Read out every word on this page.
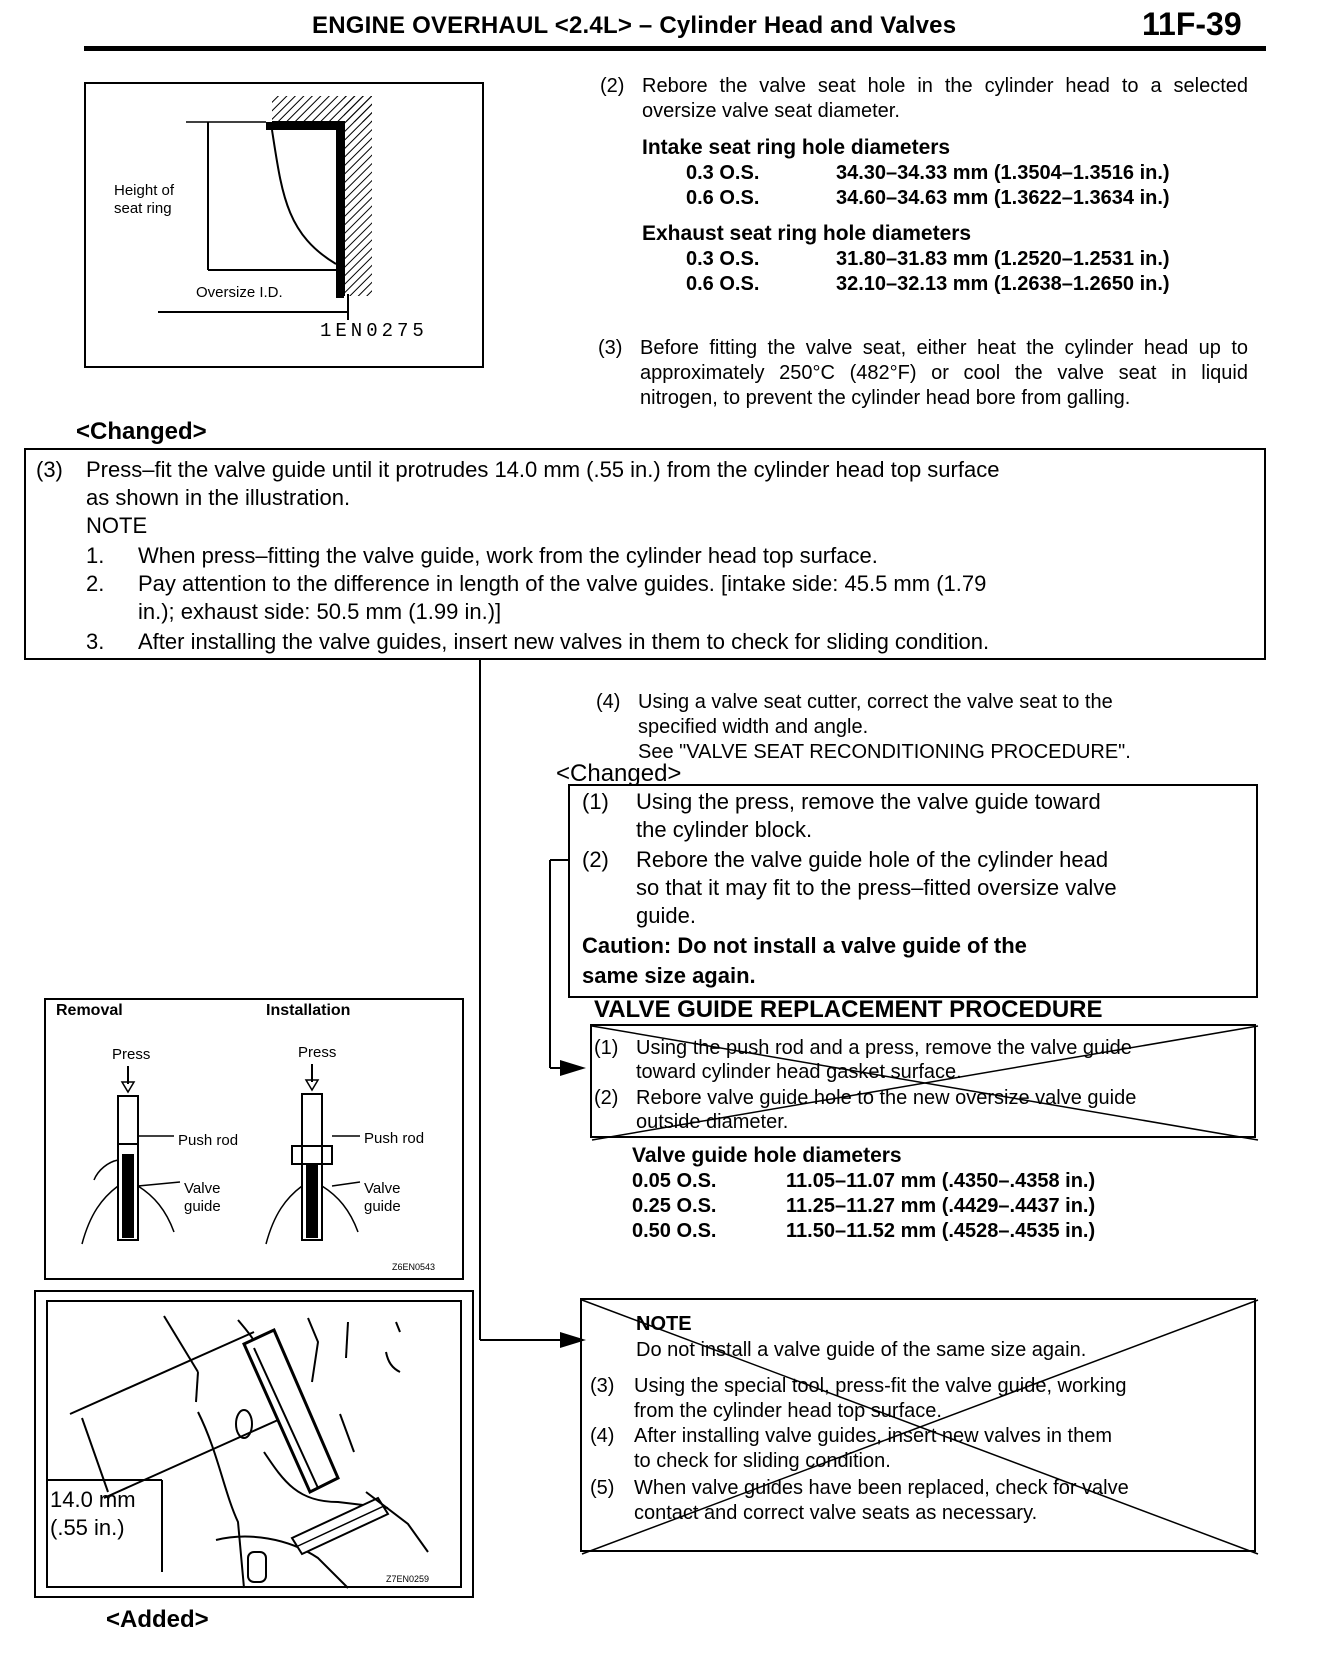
ENGINE OVERHAUL <2.4L> – Cylinder Head and Valves	11F-39
Height of
seat ring
Oversize I.D.
1EN0275
(2) Rebore the valve seat hole in the cylinder head to a selected oversize valve seat diameter.
Intake seat ring hole diameters
0.3 O.S.	34.30–34.33 mm (1.3504–1.3516 in.)
0.6 O.S.	34.60–34.63 mm (1.3622–1.3634 in.)
Exhaust seat ring hole diameters
0.3 O.S.	31.80–31.83 mm (1.2520–1.2531 in.)
0.6 O.S.	32.10–32.13 mm (1.2638–1.2650 in.)
(3) Before fitting the valve seat, either heat the cylinder head up to approximately 250°C (482°F) or cool the valve seat in liquid nitrogen, to prevent the cylinder head bore from galling.
<Changed>
(3) Press–fit the valve guide until it protrudes 14.0 mm (.55 in.) from the cylinder head top surface
as shown in the illustration.
NOTE
1. When press–fitting the valve guide, work from the cylinder head top surface.
2. Pay attention to the difference in length of the valve guides. [intake side: 45.5 mm (1.79
in.); exhaust side: 50.5 mm (1.99 in.)]
3. After installing the valve guides, insert new valves in them to check for sliding condition.
(4) Using a valve seat cutter, correct the valve seat to the
specified width and angle.
See "VALVE SEAT RECONDITIONING PROCEDURE".
<Changed>
(1) Using the press, remove the valve guide toward
the cylinder block.
(2) Rebore the valve guide hole of the cylinder head
so that it may fit to the press–fitted oversize valve
guide.
Caution: Do not install a valve guide of the
same size again.
VALVE GUIDE REPLACEMENT PROCEDURE
(1) Using the push rod and a press, remove the valve guide
toward cylinder head gasket surface.
(2) Rebore valve guide hole to the new oversize valve guide
outside diameter.
Valve guide hole diameters
0.05 O.S.	11.05–11.07 mm (.4350–.4358 in.)
0.25 O.S.	11.25–11.27 mm (.4429–.4437 in.)
0.50 O.S.	11.50–11.52 mm (.4528–.4535 in.)
Removal	Installation
Press	Press
Push rod	Push rod
Valve
guide
Valve
guide
Z6EN0543
14.0 mm
(.55 in.)
Z7EN0259
<Added>
NOTE
Do not install a valve guide of the same size again.
(3) Using the special tool, press-fit the valve guide, working
from the cylinder head top surface.
(4) After installing valve guides, insert new valves in them
to check for sliding condition.
(5) When valve guides have been replaced, check for valve
contact and correct valve seats as necessary.
